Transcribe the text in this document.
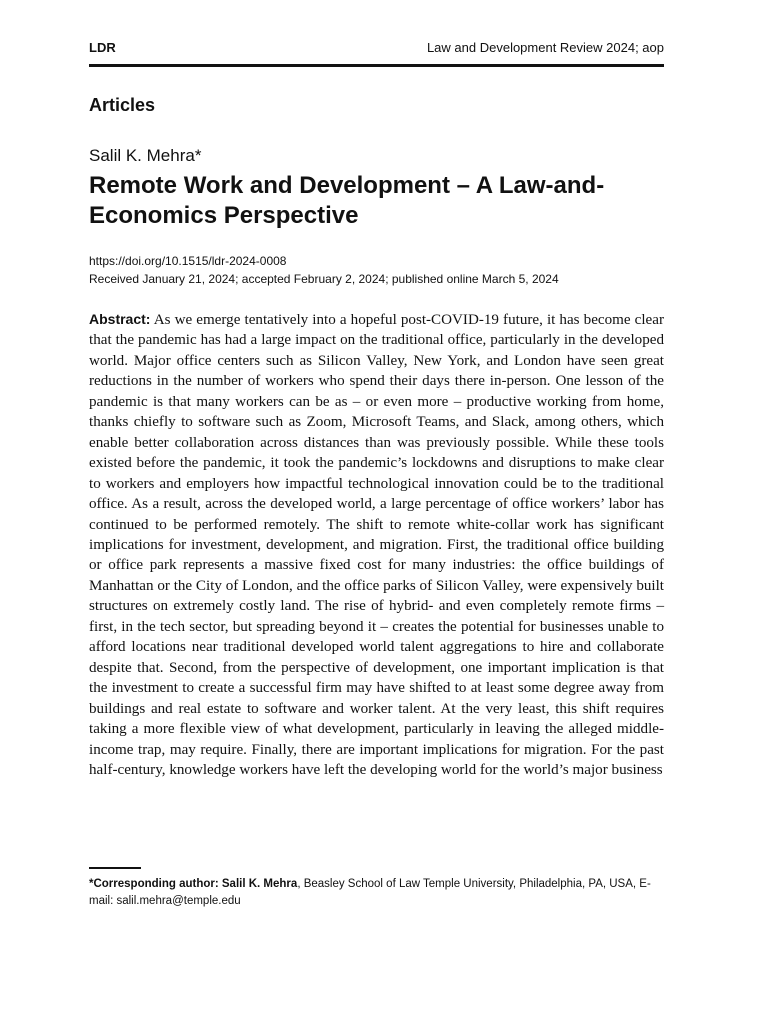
LDR	Law and Development Review 2024; aop
Articles
Salil K. Mehra*
Remote Work and Development – A Law-and-Economics Perspective
https://doi.org/10.1515/ldr-2024-0008
Received January 21, 2024; accepted February 2, 2024; published online March 5, 2024

Abstract: As we emerge tentatively into a hopeful post-COVID-19 future, it has become clear that the pandemic has had a large impact on the traditional office, particularly in the developed world. Major office centers such as Silicon Valley, New York, and London have seen great reductions in the number of workers who spend their days there in-person. One lesson of the pandemic is that many workers can be as – or even more – productive working from home, thanks chiefly to software such as Zoom, Microsoft Teams, and Slack, among others, which enable better collaboration across distances than was previously possible. While these tools existed before the pandemic, it took the pandemic’s lockdowns and disruptions to make clear to workers and employers how impactful technological innovation could be to the traditional office. As a result, across the developed world, a large percentage of office workers’ labor has continued to be performed remotely. The shift to remote white-collar work has significant implications for investment, development, and migration. First, the traditional office building or office park represents a massive fixed cost for many industries: the office buildings of Manhattan or the City of London, and the office parks of Silicon Valley, were expensively built structures on extremely costly land. The rise of hybrid- and even completely remote firms – first, in the tech sector, but spreading beyond it – creates the potential for businesses unable to afford locations near traditional developed world talent aggregations to hire and collaborate despite that. Second, from the perspective of development, one important implication is that the investment to create a successful firm may have shifted to at least some degree away from buildings and real estate to software and worker talent. At the very least, this shift requires taking a more flexible view of what development, particularly in leaving the alleged middle-income trap, may require. Finally, there are important implications for migration. For the past half-century, knowledge workers have left the developing world for the world’s major business

*Corresponding author: Salil K. Mehra, Beasley School of Law Temple University, Philadelphia, PA, USA, E-mail: salil.mehra@temple.edu
